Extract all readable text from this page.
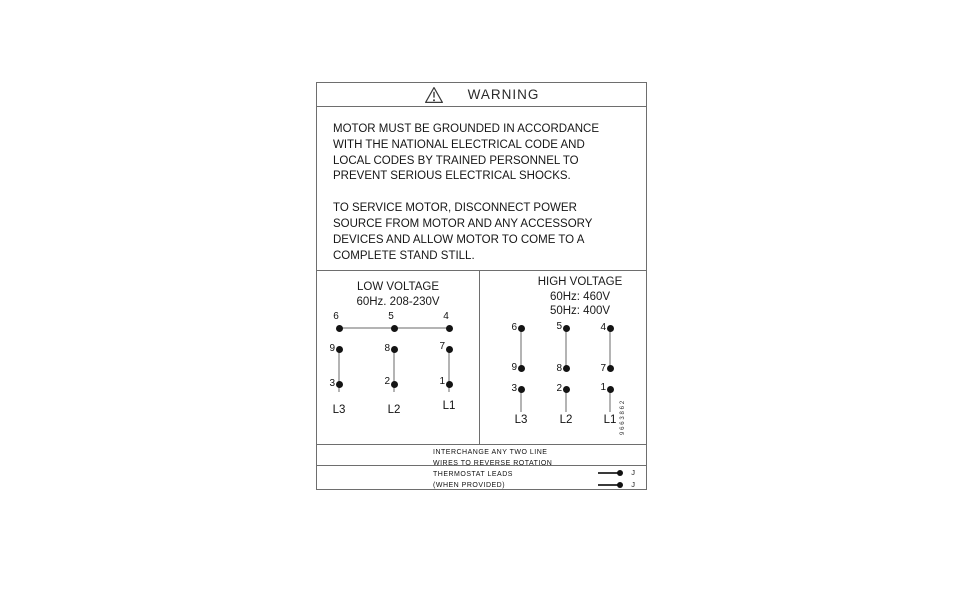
WARNING
MOTOR MUST BE GROUNDED IN ACCORDANCE
WITH THE NATIONAL ELECTRICAL CODE AND
LOCAL CODES BY TRAINED PERSONNEL TO
PREVENT SERIOUS ELECTRICAL SHOCKS.
TO SERVICE MOTOR, DISCONNECT POWER
SOURCE FROM MOTOR AND ANY ACCESSORY
DEVICES AND ALLOW MOTOR TO COME TO A
COMPLETE STAND STILL.
LOW VOLTAGE
60Hz. 208-230V
6	5	4
9	8	7
3	2	1
L3	L2	L1
HIGH VOLTAGE
60Hz: 460V
50Hz: 400V
6	5	4
9	8	7
3	2	1
L3	L2	L1 9663862
INTERCHANGE ANY TWO LINE
WIRES TO REVERSE ROTATION
THERMOSTAT LEADS
(WHEN PROVIDED)
J
J
